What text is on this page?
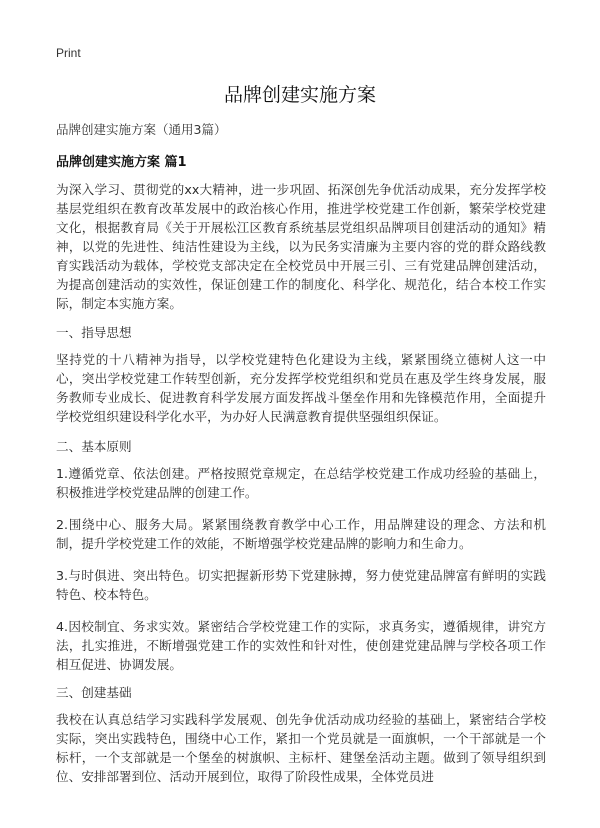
Print
品牌创建实施方案
品牌创建实施方案（通用3篇）
品牌创建实施方案 篇1

为深入学习、贯彻党的xx大精神，进一步巩固、拓深创先争优活动成果，充分发挥学校基层党组织在教育改革发展中的政治核心作用，推进学校党建工作创新，繁荣学校党建文化，根据教育局《关于开展松江区教育系统基层党组织品牌项目创建活动的通知》精神，以党的先进性、纯洁性建设为主线，以为民务实清廉为主要内容的党的群众路线教育实践活动为载体，学校党支部决定在全校党员中开展三引、三有党建品牌创建活动，为提高创建活动的实效性，保证创建工作的制度化、科学化、规范化，结合本校工作实际，制定本实施方案。

一、指导思想

坚持党的十八精神为指导，以学校党建特色化建设为主线，紧紧围绕立德树人这一中心，突出学校党建工作转型创新，充分发挥学校党组织和党员在惠及学生终身发展，服务教师专业成长、促进教育科学发展方面发挥战斗堡垒作用和先锋模范作用，全面提升学校党组织建设科学化水平，为办好人民满意教育提供坚强组织保证。

二、基本原则

1.遵循党章、依法创建。严格按照党章规定，在总结学校党建工作成功经验的基础上，积极推进学校党建品牌的创建工作。

2.围绕中心、服务大局。紧紧围绕教育教学中心工作，用品牌建设的理念、方法和机制，提升学校党建工作的效能，不断增强学校党建品牌的影响力和生命力。

3.与时俱进、突出特色。切实把握新形势下党建脉搏，努力使党建品牌富有鲜明的实践特色、校本特色。

4.因校制宜、务求实效。紧密结合学校党建工作的实际，求真务实，遵循规律，讲究方法，扎实推进，不断增强党建工作的实效性和针对性，使创建党建品牌与学校各项工作相互促进、协调发展。

三、创建基础

我校在认真总结学习实践科学发展观、创先争优活动成功经验的基础上，紧密结合学校实际，突出实践特色，围绕中心工作，紧扣一个党员就是一面旗帜，一个干部就是一个标杆，一个支部就是一个堡垒的树旗帜、主标杆、建堡垒活动主题。做到了领导组织到位、安排部署到位、活动开展到位，取得了阶段性成果，全体党员进
